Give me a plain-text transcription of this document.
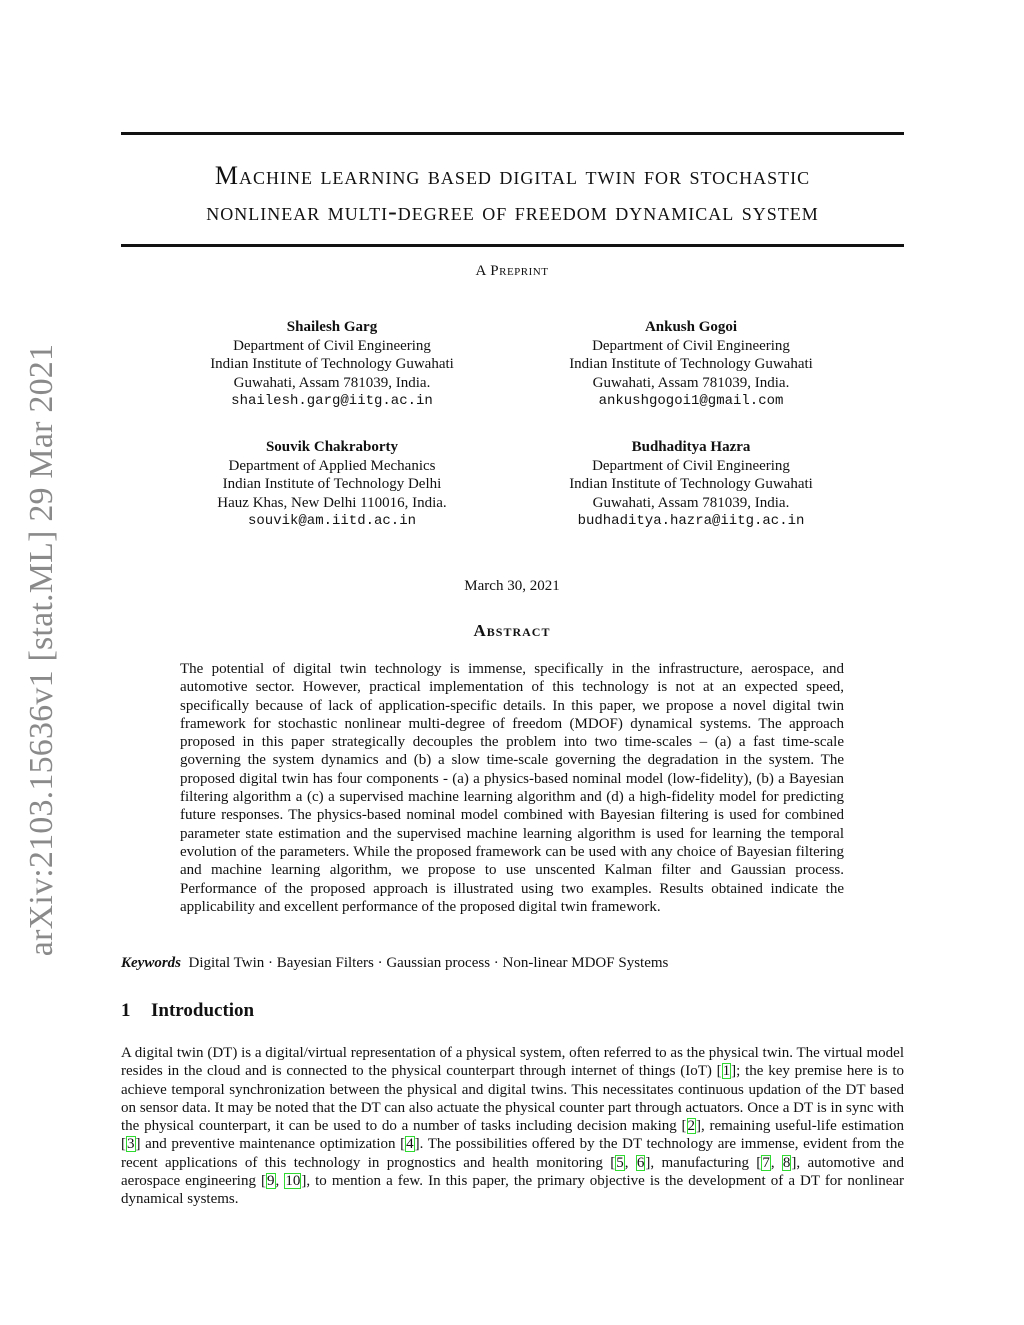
arXiv:2103.15636v1 [stat.ML] 29 Mar 2021
Machine learning based digital twin for stochastic
nonlinear multi-degree of freedom dynamical system
A Preprint
Shailesh Garg
Department of Civil Engineering
Indian Institute of Technology Guwahati
Guwahati, Assam 781039, India.
shailesh.garg@iitg.ac.in
Ankush Gogoi
Department of Civil Engineering
Indian Institute of Technology Guwahati
Guwahati, Assam 781039, India.
ankushgogoi1@gmail.com
Souvik Chakraborty
Department of Applied Mechanics
Indian Institute of Technology Delhi
Hauz Khas, New Delhi 110016, India.
souvik@am.iitd.ac.in
Budhaditya Hazra
Department of Civil Engineering
Indian Institute of Technology Guwahati
Guwahati, Assam 781039, India.
budhaditya.hazra@iitg.ac.in
March 30, 2021
Abstract
The potential of digital twin technology is immense, specifically in the infrastructure, aerospace, and automotive sector. However, practical implementation of this technology is not at an expected speed, specifically because of lack of application-specific details. In this paper, we propose a novel digital twin framework for stochastic nonlinear multi-degree of freedom (MDOF) dynamical systems. The approach proposed in this paper strategically decouples the problem into two time-scales – (a) a fast time-scale governing the system dynamics and (b) a slow time-scale governing the degradation in the system. The proposed digital twin has four components - (a) a physics-based nominal model (low-fidelity), (b) a Bayesian filtering algorithm a (c) a supervised machine learning algorithm and (d) a high-fidelity model for predicting future responses. The physics-based nominal model combined with Bayesian filtering is used for combined parameter state estimation and the supervised machine learning algorithm is used for learning the temporal evolution of the parameters. While the proposed framework can be used with any choice of Bayesian filtering and machine learning algorithm, we propose to use unscented Kalman filter and Gaussian process. Performance of the proposed approach is illustrated using two examples. Results obtained indicate the applicability and excellent performance of the proposed digital twin framework.
Keywords Digital Twin · Bayesian Filters · Gaussian process · Non-linear MDOF Systems
1 Introduction
A digital twin (DT) is a digital/virtual representation of a physical system, often referred to as the physical twin. The virtual model resides in the cloud and is connected to the physical counterpart through internet of things (IoT) [1]; the key premise here is to achieve temporal synchronization between the physical and digital twins. This necessitates continuous updation of the DT based on sensor data. It may be noted that the DT can also actuate the physical counter part through actuators. Once a DT is in sync with the physical counterpart, it can be used to do a number of tasks including decision making [2], remaining useful-life estimation [3] and preventive maintenance optimization [4]. The possibilities offered by the DT technology are immense, evident from the recent applications of this technology in prognostics and health monitoring [5, 6], manufacturing [7, 8], automotive and aerospace engineering [9, 10], to mention a few. In this paper, the primary objective is the development of a DT for nonlinear dynamical systems.
